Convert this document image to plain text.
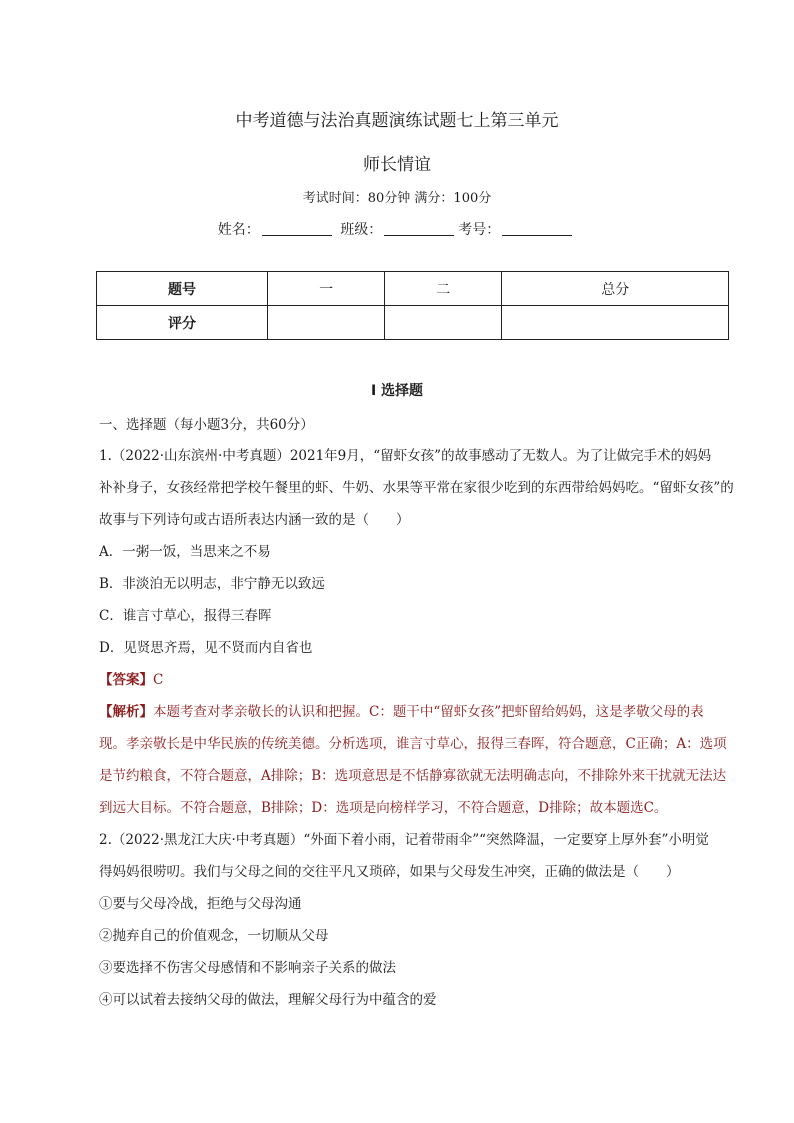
中考道德与法治真题演练试题七上第三单元
师长情谊
考试时间：80分钟 满分：100分
姓名：	班级：	考号：
题号	一	二	总分
评分			
I 选择题
一、选择题（每小题3分，共60分）
1.（2022·山东滨州·中考真题）2021年9月，“留虾女孩”的故事感动了无数人。为了让做完手术的妈妈
补补身子，女孩经常把学校午餐里的虾、牛奶、水果等平常在家很少吃到的东西带给妈妈吃。“留虾女孩”的
故事与下列诗句或古语所表达内涵一致的是（　　）
A．一粥一饭，当思来之不易
B．非淡泊无以明志，非宁静无以致远
C．谁言寸草心，报得三春晖
D．见贤思齐焉，见不贤而内自省也
【答案】C
【解析】本题考查对孝亲敬长的认识和把握。C：题干中“留虾女孩”把虾留给妈妈，这是孝敬父母的表
现。孝亲敬长是中华民族的传统美德。分析选项，谁言寸草心，报得三春晖，符合题意，C正确；A：选项
是节约粮食，不符合题意，A排除；B：选项意思是不恬静寡欲就无法明确志向，不排除外来干扰就无法达
到远大目标。不符合题意，B排除；D：选项是向榜样学习，不符合题意，D排除；故本题选C。
2.（2022·黑龙江大庆·中考真题）“外面下着小雨，记着带雨伞”“突然降温，一定要穿上厚外套”小明觉
得妈妈很唠叨。我们与父母之间的交往平凡又琐碎，如果与父母发生冲突，正确的做法是（　　）
①要与父母冷战，拒绝与父母沟通
②抛弃自己的价值观念，一切顺从父母
③要选择不伤害父母感情和不影响亲子关系的做法
④可以试着去接纳父母的做法，理解父母行为中蕴含的爱
